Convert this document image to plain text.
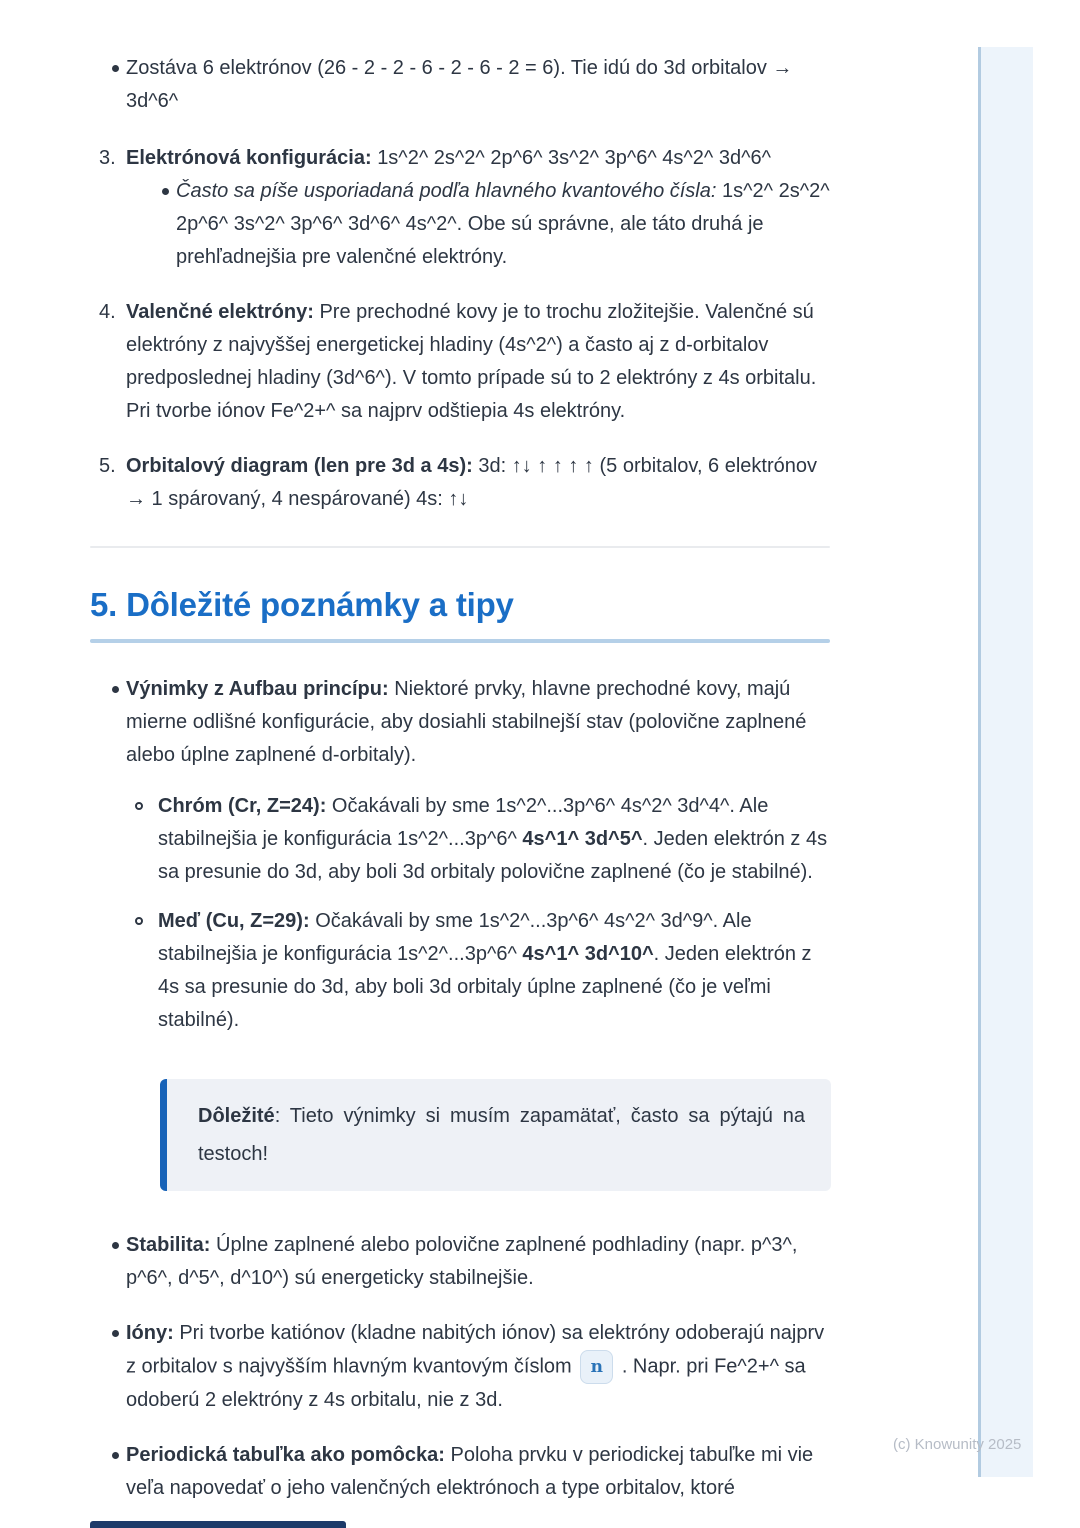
Zostáva 6 elektrónov (26 - 2 - 2 - 6 - 2 - 6 - 2 = 6). Tie idú do 3d orbitalov → 3d^6^
3. Elektrónová konfigurácia: 1s^2^ 2s^2^ 2p^6^ 3s^2^ 3p^6^ 4s^2^ 3d^6^
Často sa píše usporiadaná podľa hlavného kvantového čísla: 1s^2^ 2s^2^ 2p^6^ 3s^2^ 3p^6^ 3d^6^ 4s^2^. Obe sú správne, ale táto druhá je prehľadnejšia pre valenčné elektróny.
4. Valenčné elektróny: Pre prechodné kovy je to trochu zložitejšie. Valenčné sú elektróny z najvyššej energetickej hladiny (4s^2^) a často aj z d-orbitalov predposlednej hladiny (3d^6^). V tomto prípade sú to 2 elektróny z 4s orbitalu. Pri tvorbe iónov Fe^2+^ sa najprv odštiepia 4s elektróny.
5. Orbitalový diagram (len pre 3d a 4s): 3d: ↑↓ ↑ ↑ ↑ ↑ (5 orbitalov, 6 elektrónov → 1 spárovaný, 4 nespárované) 4s: ↑↓
5. Dôležité poznámky a tipy
Výnimky z Aufbau princípu: Niektoré prvky, hlavne prechodné kovy, majú mierne odlišné konfigurácie, aby dosiahli stabilnejší stav (polovične zaplnené alebo úplne zaplnené d-orbitaly).
Chróm (Cr, Z=24): Očakávali by sme 1s^2^...3p^6^ 4s^2^ 3d^4^. Ale stabilnejšia je konfigurácia 1s^2^...3p^6^ 4s^1^ 3d^5^. Jeden elektrón z 4s sa presunie do 3d, aby boli 3d orbitaly polovične zaplnené (čo je stabilné).
Meď (Cu, Z=29): Očakávali by sme 1s^2^...3p^6^ 4s^2^ 3d^9^. Ale stabilnejšia je konfigurácia 1s^2^...3p^6^ 4s^1^ 3d^10^. Jeden elektrón z 4s sa presunie do 3d, aby boli 3d orbitaly úplne zaplnené (čo je veľmi stabilné).
Dôležité: Tieto výnimky si musím zapamätať, často sa pýtajú na testoch!
Stabilita: Úplne zaplnené alebo polovične zaplnené podhladiny (napr. p^3^, p^6^, d^5^, d^10^) sú energeticky stabilnejšie.
Ióny: Pri tvorbe katiónov (kladne nabitých iónov) sa elektróny odoberajú najprv z orbitalov s najvyšším hlavným kvantovým číslom n . Napr. pri Fe^2+^ sa odoberú 2 elektróny z 4s orbitalu, nie z 3d.
Periodická tabuľka ako pomôcka: Poloha prvku v periodickej tabuľke mi vie veľa napovedať o jeho valenčných elektrónoch a type orbitalov, ktoré
(c) Knowunity 2025
